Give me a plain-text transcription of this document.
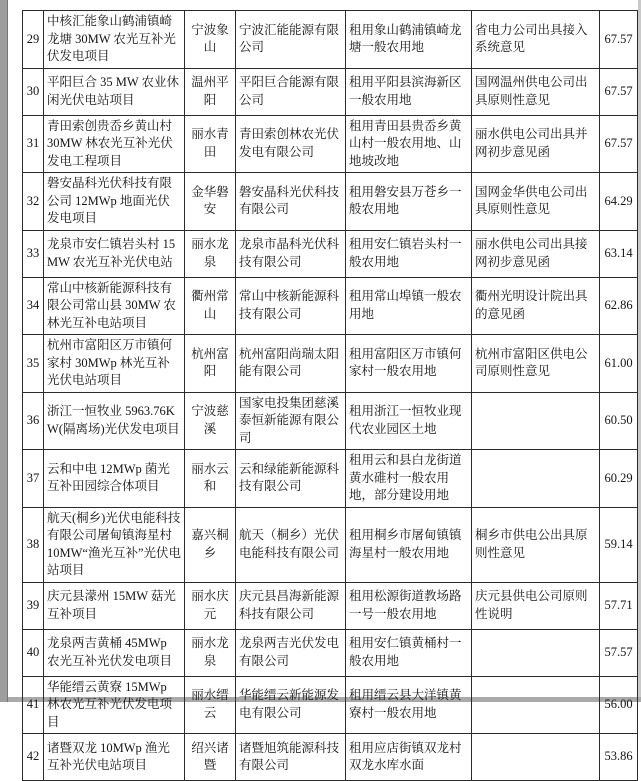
29	中核汇能象山鹤浦镇崎龙塘 30MW 农光互补光伏发电项目	宁波象山	宁波汇能能源有限公司	租用象山鹤浦镇崎龙塘一般农用地	省电力公司出具接入系统意见	67.57
30	平阳巨合 35 MW 农业休闲光伏电站项目	温州平阳	平阳巨合能源有限公司	租用平阳县滨海新区一般农用地	国网温州供电公司出具原则性意见	67.57
31	青田索创贵岙乡黄山村 30MW 林农光互补光伏发电工程项目	丽水青田	青田索创林农光伏发电有限公司	租用青田县贵岙乡黄山村一般农用地、山地坡改地	丽水供电公司出具并网初步意见函	67.57
32	磐安晶科光伏科技有限公司 12MWp 地面光伏发电项目	金华磐安	磐安晶科光伏科技有限公司	租用磐安县万苍乡一般农用地	国网金华供电公司出具原则性意见	64.29
33	龙泉市安仁镇岩头村 15MW 农光互补光伏电站	丽水龙泉	龙泉市晶科光伏科技有限公司	租用安仁镇岩头村一般农用地	丽水供电公司出具接网初步意见函	63.14
34	常山中核新能源科技有限公司常山县 30MW 农林光互补电站项目	衢州常山	常山中核新能源科技有限公司	租用常山埠镇一般农用地	衢州光明设计院出具的意见函	62.86
35	杭州市富阳区万市镇何家村 30MWp 林光互补光伏电站项目	杭州富阳	杭州富阳尚瑞太阳能有限公司	租用富阳区万市镇何家村一般农用地	杭州市富阳区供电公司原则性意见	61.00
36	浙江一恒牧业 5963.76KW(隔离场)光伏发电项目	宁波慈溪	国家电投集团慈溪泰恒新能源有限公司	租用浙江一恒牧业现代农业园区土地		60.50
37	云和中电 12MWp 菌光互补田园综合体项目	丽水云和	云和绿能新能源科技有限公司	租用云和县白龙街道黄水碓村一般农用地，部分建设用地		60.29
38	航天(桐乡)光伏电能科技有限公司屠甸镇海星村 10MW“渔光互补”光伏电站项目	嘉兴桐乡	航天（桐乡）光伏电能科技有限公司	租用桐乡市屠甸镇镇海星村一般农用地	桐乡市供电公出具原则性意见	59.14
39	庆元县濛州 15MW 菇光互补项目	丽水庆元	庆元县昌海新能源科技有限公司	租用松源街道教场路一号一般农用地	庆元县供电公司原则性说明	57.71
40	龙泉两吉黄桶 45MWp 农光互补光伏发电项目	丽水龙泉	龙泉两吉光伏发电有限公司	租用安仁镇黄桶村一般农用地		57.57
41	华能缙云黄寮 15MWp 林农光互补光伏发电项目	丽水缙云	华能缙云新能源发电有限公司	租用缙云县大洋镇黄寮村一般农用地		56.00
42	诸暨双龙 10MWp 渔光互补光伏电站项目	绍兴诸暨	诸暨旭筑能源科技有限公司	租用应店街镇双龙村双龙水库水面		53.86
